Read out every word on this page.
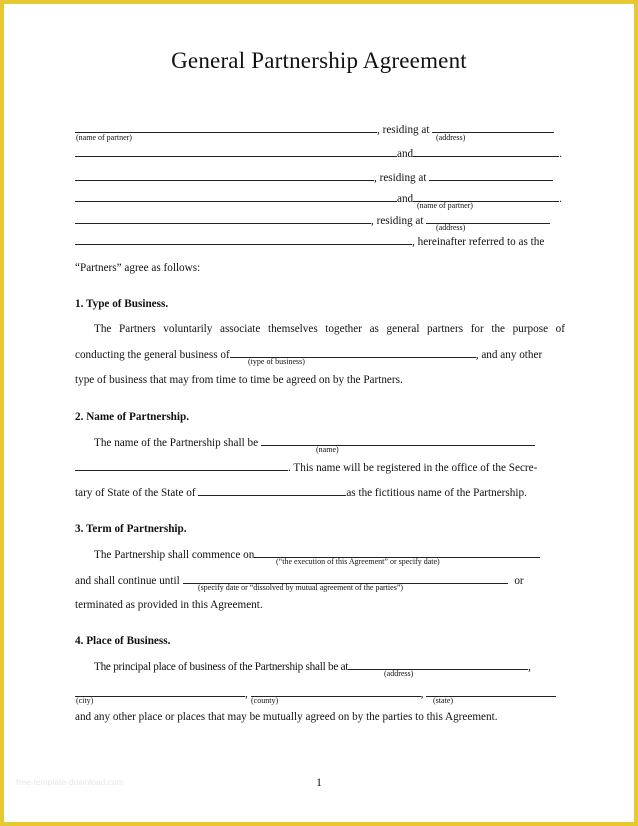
General Partnership Agreement
, residing at
(name of partner)	(address)
and	.
, residing at
and	.
(name of partner)
, residing at
(address)
, hereinafter referred to as the
“Partners” agree as follows:
1. Type of Business.
The Partners voluntarily associate themselves together as general partners for the purpose of
conducting the general business of	, and any other
(type of business)
type of business that may from time to time be agreed on by the Partners.
2. Name of Partnership.
The name of the Partnership shall be
(name)
. This name will be registered in the office of the Secre-
tary of State of the State of	as the fictitious name of the Partnership.
3. Term of Partnership.
The Partnership shall commence on
(“the execution of this Agreement” or specify date)
and shall continue until	or
(specify date or “dissolved by mutual agreement of the parties”)
terminated as provided in this Agreement.
4. Place of Business.
The principal place of business of the Partnership shall be at	,
(address)
,	,
(city)	(county)	(state)
and any other place or places that may be mutually agreed on by the parties to this Agreement.
free-template-download.com	1
